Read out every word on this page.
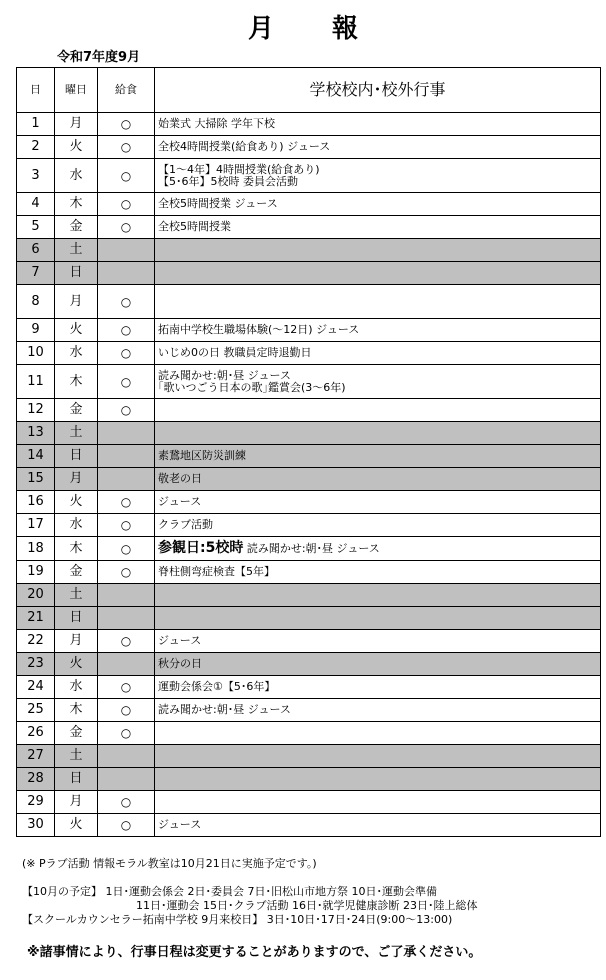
月 報
令和7年度9月
日	曜日	給食	学校校内･校外行事
1	月	○	始業式 大掃除 学年下校

2	火	○	全校4時間授業(給食あり) ジュース

3	水	○	【1～4年】4時間授業(給食あり)
【5･6年】5校時 委員会活動

4	木	○	全校5時間授業 ジュース

5	金	○	全校5時間授業

6	土		

7	日		

8	月	○	

9	火	○	拓南中学校生職場体験(～12日) ジュース

10	水	○	いじめ0の日 教職員定時退勤日

11	木	○	読み聞かせ:朝･昼 ジュース
｢歌いつごう日本の歌｣鑑賞会(3～6年)

12	金	○	

13	土		

14	日		素鵞地区防災訓練

15	月		敬老の日

16	火	○	ジュース

17	水	○	クラブ活動

18	木	○	参観日:5校時 読み聞かせ:朝･昼 ジュース

19	金	○	脊柱側弯症検査【5年】

20	土		

21	日		

22	月	○	ジュース

23	火		秋分の日

24	水	○	運動会係会①【5･6年】

25	木	○	読み聞かせ:朝･昼 ジュース

26	金	○	

27	土		

28	日		

29	月	○	

30	火	○	ジュース
(※ Pラブ活動 情報モラル教室は10月21日に実施予定です。)
【10月の予定】 1日･運動会係会 2日･委員会 7日･旧松山市地方祭 10日･運動会準備
11日･運動会 15日･クラブ活動 16日･就学児健康診断 23日･陸上総体
【スクールカウンセラー拓南中学校 9月来校日】 3日･10日･17日･24日(9:00～13:00)
※諸事情により、行事日程は変更することがありますので、ご了承ください。
